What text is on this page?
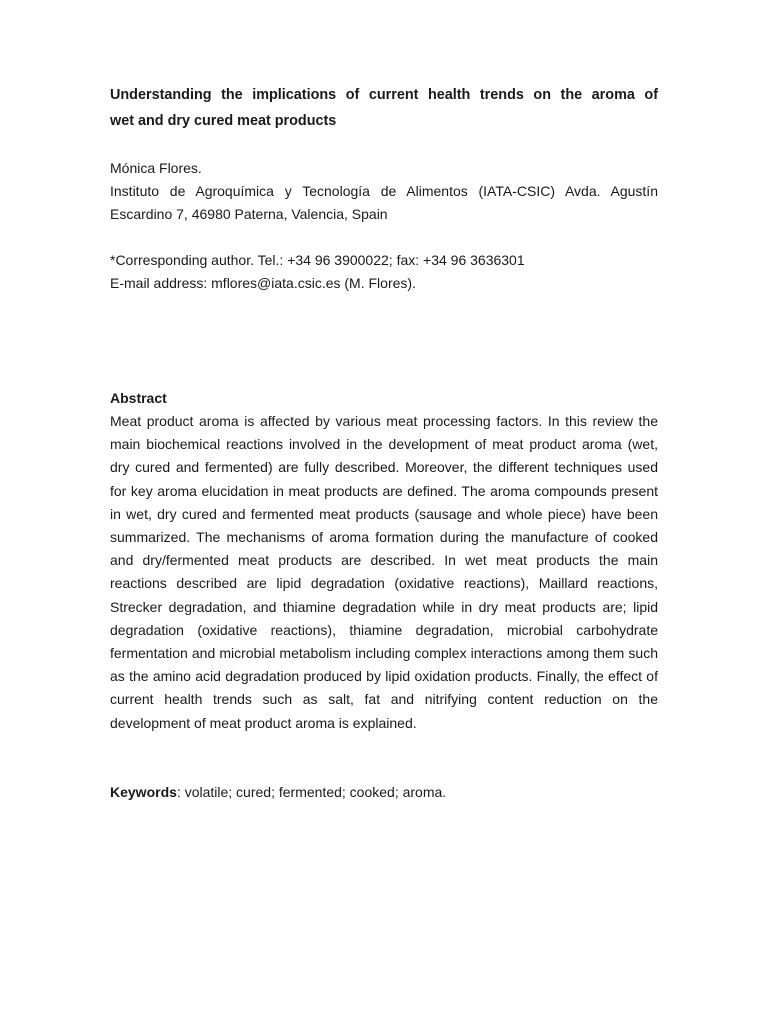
Understanding the implications of current health trends on the aroma of
wet and dry cured meat products

Mónica Flores.

Instituto de Agroquímica y Tecnología de Alimentos (IATA-CSIC) Avda. Agustín Escardino 7, 46980 Paterna, Valencia, Spain

*Corresponding author. Tel.: +34 96 3900022; fax: +34 96 3636301

E-mail address: mflores@iata.csic.es (M. Flores).

Abstract

Meat product aroma is affected by various meat processing factors. In this review the main biochemical reactions involved in the development of meat product aroma (wet, dry cured and fermented) are fully described. Moreover, the different techniques used for key aroma elucidation in meat products are defined. The aroma compounds present in wet, dry cured and fermented meat products (sausage and whole piece) have been summarized. The mechanisms of aroma formation during the manufacture of cooked and dry/fermented meat products are described. In wet meat products the main reactions described are lipid degradation (oxidative reactions), Maillard reactions, Strecker degradation, and thiamine degradation while in dry meat products are; lipid degradation (oxidative reactions), thiamine degradation, microbial carbohydrate fermentation and microbial metabolism including complex interactions among them such as the amino acid degradation produced by lipid oxidation products. Finally, the effect of current health trends such as salt, fat and nitrifying content reduction on the development of meat product aroma is explained.

Keywords: volatile; cured; fermented; cooked; aroma.
